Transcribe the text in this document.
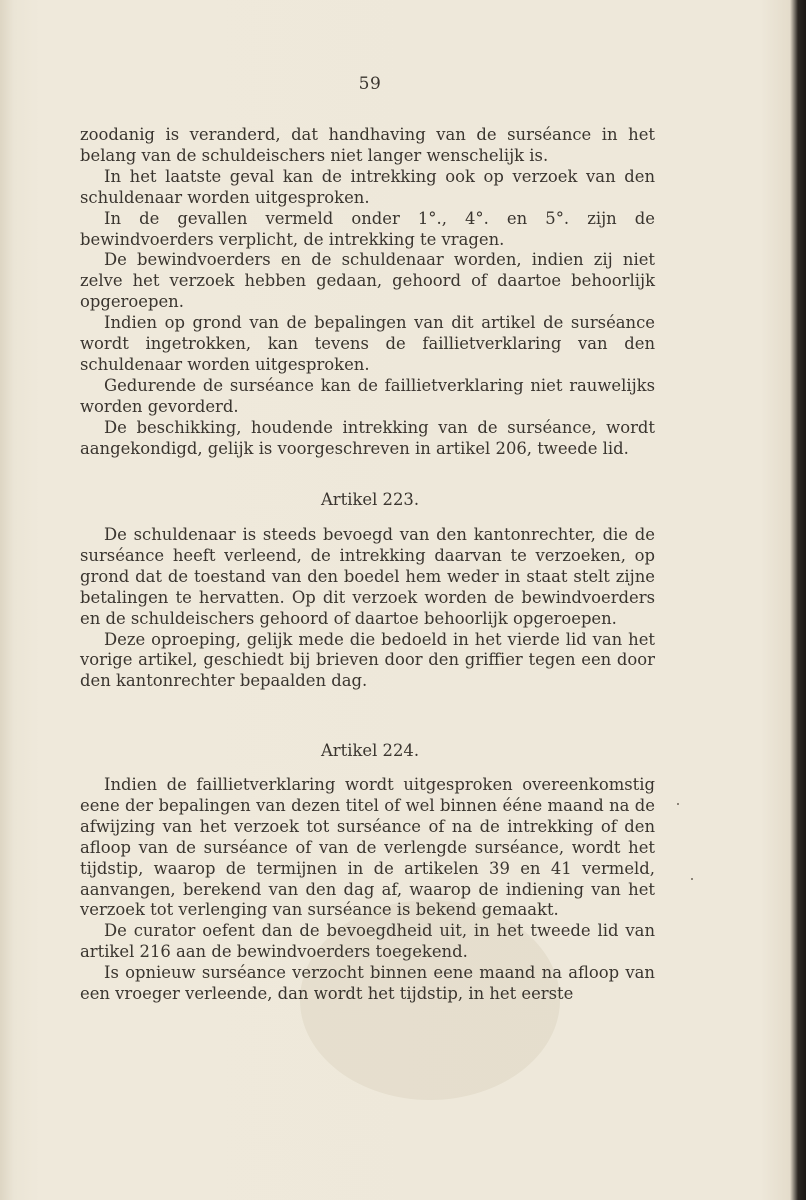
59

zoodanig is veranderd, dat handhaving van de surséance in het belang van de schuldeischers niet langer wenschelijk is.

In het laatste geval kan de intrekking ook op verzoek van den schuldenaar worden uitgesproken.

In de gevallen vermeld onder 1°., 4°. en 5°. zijn de bewindvoerders verplicht, de intrekking te vragen.

De bewindvoerders en de schuldenaar worden, indien zij niet zelve het verzoek hebben gedaan, gehoord of daartoe behoorlijk opgeroepen.

Indien op grond van de bepalingen van dit artikel de surséance wordt ingetrokken, kan tevens de faillietverklaring van den schuldenaar worden uitgesproken.

Gedurende de surséance kan de faillietverklaring niet rauwelijks worden gevorderd.

De beschikking, houdende intrekking van de surséance, wordt aangekondigd, gelijk is voorgeschreven in artikel 206, tweede lid.

Artikel 223.

De schuldenaar is steeds bevoegd van den kantonrechter, die de surséance heeft verleend, de intrekking daarvan te verzoeken, op grond dat de toestand van den boedel hem weder in staat stelt zijne betalingen te hervatten. Op dit verzoek worden de bewindvoerders en de schuldeischers gehoord of daartoe behoorlijk opgeroepen.

Deze oproeping, gelijk mede die bedoeld in het vierde lid van het vorige artikel, geschiedt bij brieven door den griffier tegen een door den kantonrechter bepaalden dag.

Artikel 224.

Indien de faillietverklaring wordt uitgesproken overeenkomstig eene der bepalingen van dezen titel of wel binnen ééne maand na de afwijzing van het verzoek tot surséance of na de intrekking of den afloop van de surséance of van de verlengde surséance, wordt het tijdstip, waarop de termijnen in de artikelen 39 en 41 vermeld, aanvangen, berekend van den dag af, waarop de indiening van het verzoek tot verlenging van surséance is bekend gemaakt.

De curator oefent dan de bevoegdheid uit, in het tweede lid van artikel 216 aan de bewindvoerders toegekend.

Is opnieuw surséance verzocht binnen eene maand na afloop van een vroeger verleende, dan wordt het tijdstip, in het eerste
